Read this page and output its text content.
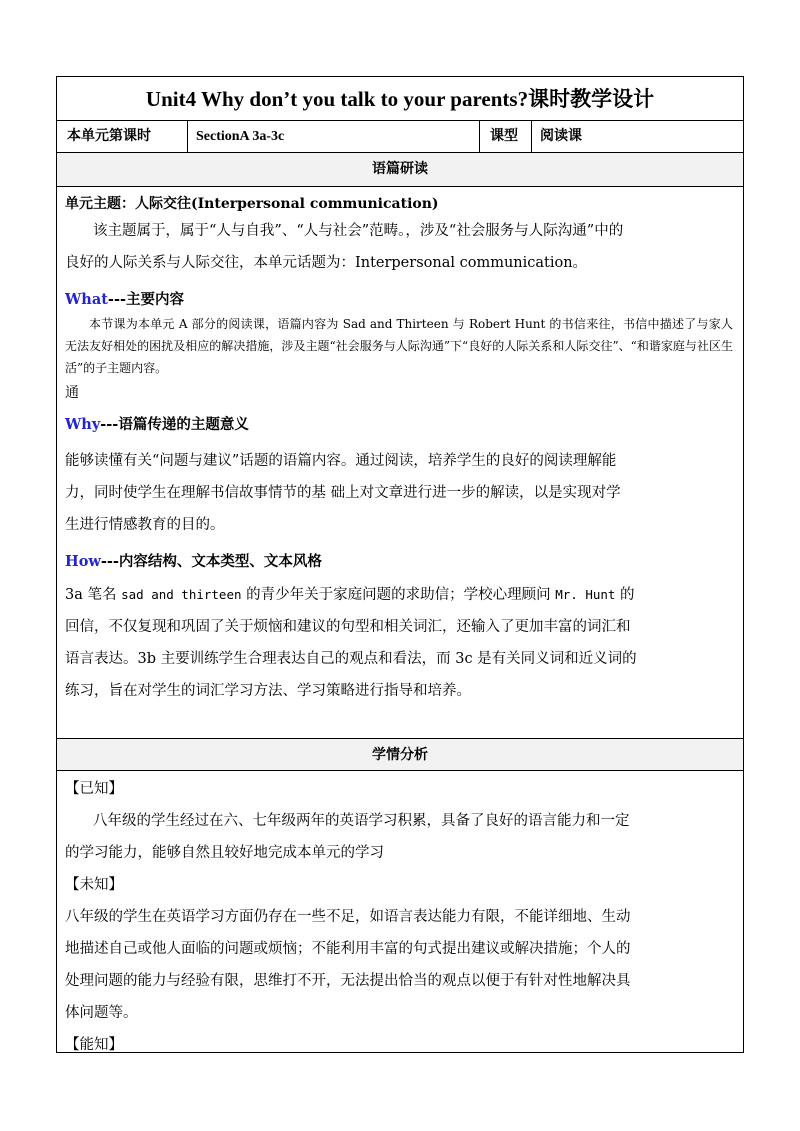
Unit4 Why don’t you talk to your parents?课时教学设计
本单元第课时	SectionA 3a-3c	课型	阅读课
语篇研读
单元主题：人际交往(Interpersonal communication)
该主题属于，属于“人与自我”、“人与社会”范畴。，涉及“社会服务与人际沟通”中的
良好的人际关系与人际交往，本单元话题为：Interpersonal communication。
What---主要内容
本节课为本单元 A 部分的阅读课，语篇内容为 Sad and Thirteen 与 Robert Hunt 的书信来往，书信中描述了与家人无法友好相处的困扰及相应的解决措施，涉及主题“社会服务与人际沟通”下“良好的人际关系和人际交往”、“和谐家庭与社区生活”的子主题内容。
通
Why---语篇传递的主题意义
能够读懂有关“问题与建议”话题的语篇内容。通过阅读，培养学生的良好的阅读理解能
力，同时使学生在理解书信故事情节的基 础上对文章进行进一步的解读，以是实现对学
生进行情感教育的目的。
How---内容结构、文本类型、文本风格
3a 笔名 sad and thirteen 的青少年关于家庭问题的求助信；学校心理顾问 Mr. Hunt 的
回信，不仅复现和巩固了关于烦恼和建议的句型和相关词汇，还输入了更加丰富的词汇和
语言表达。3b 主要训练学生合理表达自己的观点和看法，而 3c 是有关同义词和近义词的
练习，旨在对学生的词汇学习方法、学习策略进行指导和培养。
学情分析
【已知】
八年级的学生经过在六、七年级两年的英语学习积累，具备了良好的语言能力和一定
的学习能力，能够自然且较好地完成本单元的学习
【未知】
八年级的学生在英语学习方面仍存在一些不足，如语言表达能力有限，不能详细地、生动
地描述自己或他人面临的问题或烦恼；不能利用丰富的句式提出建议或解决措施；个人的
处理问题的能力与经验有限，思维打不开，无法提出恰当的观点以便于有针对性地解决具
体问题等。
【能知】
